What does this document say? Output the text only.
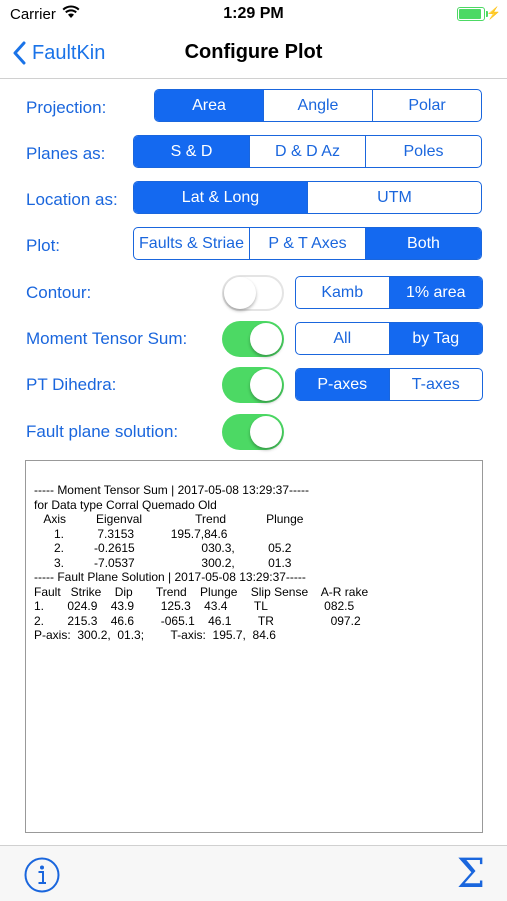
Carrier	1:29 PM	⚡
FaultKin	Configure Plot
Projection:	Area	Angle	Polar
Planes as:	S & D	D & D Az	Poles
Location as:	Lat & Long	UTM
Plot:	Faults & Striae	P & T Axes	Both
Contour:	Kamb	1% area
Moment Tensor Sum:	All	by Tag
PT Dihedra:	P-axes	T-axes
Fault plane solution:
----- Moment Tensor Sum | 2017-05-08 13:29:37-----
for Data type Corral Quemado Old
Axis         Eigenval                Trend            Plunge
1.          7.3153           195.7,84.6
2.         -0.2615                    030.3,          05.2
3.         -7.0537                    300.2,          01.3
----- Fault Plane Solution | 2017-05-08 13:29:37-----
Fault   Strike    Dip       Trend    Plunge    Slip Sense    A-R rake
1.       024.9    43.9        125.3    43.4        TL                 082.5
2.       215.3    46.6        -065.1    46.1        TR                 097.2
P-axis:  300.2,  01.3;        T-axis:  195.7,  84.6
Σ
